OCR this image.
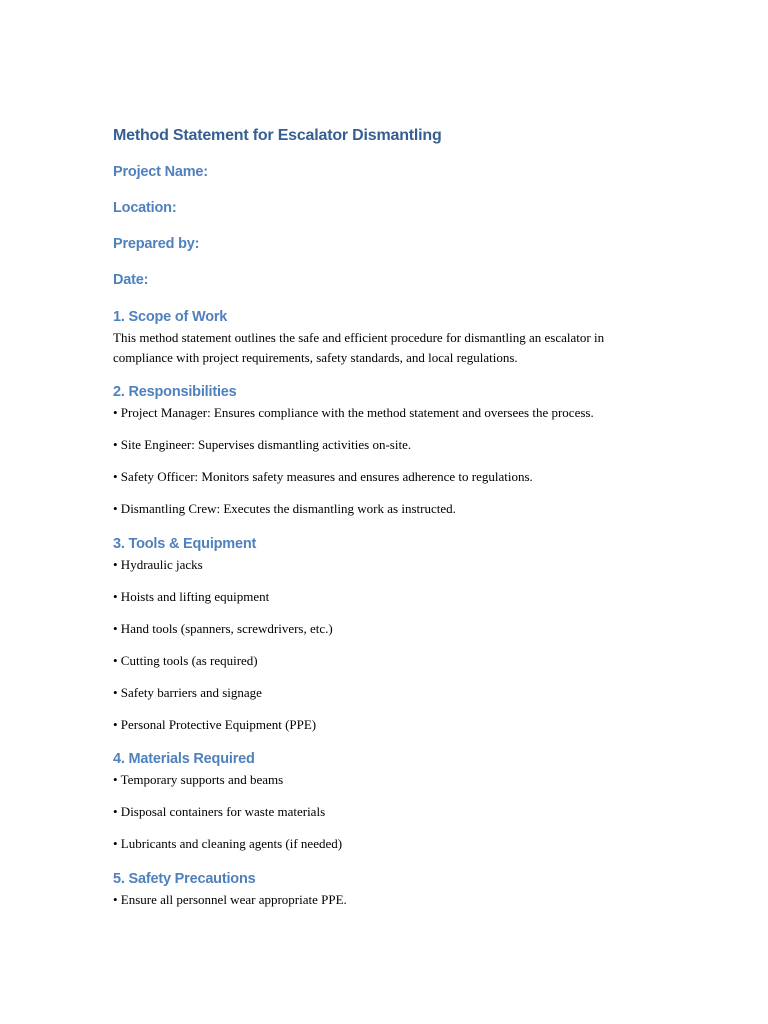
Method Statement for Escalator Dismantling
Project Name:
Location:
Prepared by:
Date:
1. Scope of Work

This method statement outlines the safe and efficient procedure for dismantling an escalator in compliance with project requirements, safety standards, and local regulations.

2. Responsibilities

• Project Manager: Ensures compliance with the method statement and oversees the process.

• Site Engineer: Supervises dismantling activities on-site.

• Safety Officer: Monitors safety measures and ensures adherence to regulations.

• Dismantling Crew: Executes the dismantling work as instructed.

3. Tools & Equipment

• Hydraulic jacks

• Hoists and lifting equipment

• Hand tools (spanners, screwdrivers, etc.)

• Cutting tools (as required)

• Safety barriers and signage

• Personal Protective Equipment (PPE)

4. Materials Required

• Temporary supports and beams

• Disposal containers for waste materials

• Lubricants and cleaning agents (if needed)

5. Safety Precautions

• Ensure all personnel wear appropriate PPE.
